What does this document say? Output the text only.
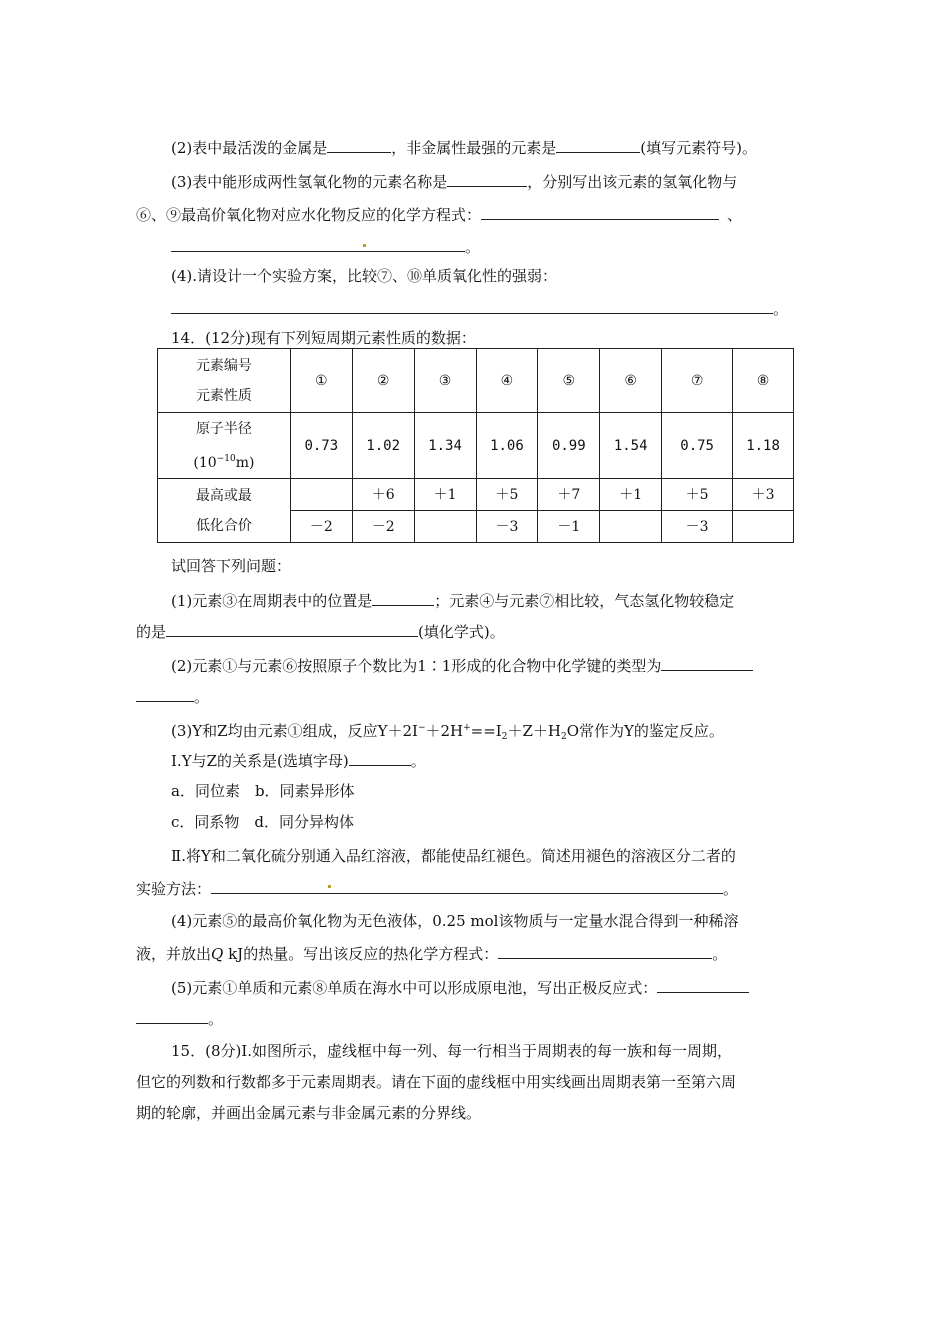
(2)表中最活泼的金属是	，非金属性最强的元素是	(填写元素符号)。
(3)表中能形成两性氢氧化物的元素名称是	，分别写出该元素的氢氧化物与
⑥、⑨最高价氧化物对应水化物反应的化学方程式：	、
。
(4).请设计一个实验方案，比较⑦、⑩单质氧化性的强弱：
。
14．(12分)现有下列短周期元素性质的数据：
元素编号
元素性质	①	②	③	④	⑤	⑥	⑦	⑧

原子半径
$(10^{-10}m)$	0.73	1.02	1.34	1.06	0.99	1.54	0.75	1.18

最高或最
低化合价		＋6	＋1	＋5	＋7	＋1	＋5	＋3
	－2	－2		－3	－1		－3	
试回答下列问题：
(1)元素③在周期表中的位置是	；元素④与元素⑦相比较，气态氢化物较稳定
的是	(填化学式)。
(2)元素①与元素⑥按照原子个数比为1∶1形成的化合物中化学键的类型为
。
(3)Y和Z均由元素①组成，反应$Y+2I^-+2H^+==I_2+Z+H_2O$常作为Y的鉴定反应。
Ⅰ.Y与Z的关系是(选填字母)	。
a．同位素　b．同素异形体
c．同系物　d．同分异构体
Ⅱ.将Y和二氧化硫分别通入品红溶液，都能使品红褪色。简述用褪色的溶液区分二者的
实验方法：	。
(4)元素⑤的最高价氧化物为无色液体，0.25 mol该物质与一定量水混合得到一种稀溶
液，并放出Q kJ的热量。写出该反应的热化学方程式：	。
(5)元素①单质和元素⑧单质在海水中可以形成原电池，写出正极反应式：
。
15．(8分)Ⅰ.如图所示，虚线框中每一列、每一行相当于周期表的每一族和每一周期，
但它的列数和行数都多于元素周期表。请在下面的虚线框中用实线画出周期表第一至第六周
期的轮廓，并画出金属元素与非金属元素的分界线。
